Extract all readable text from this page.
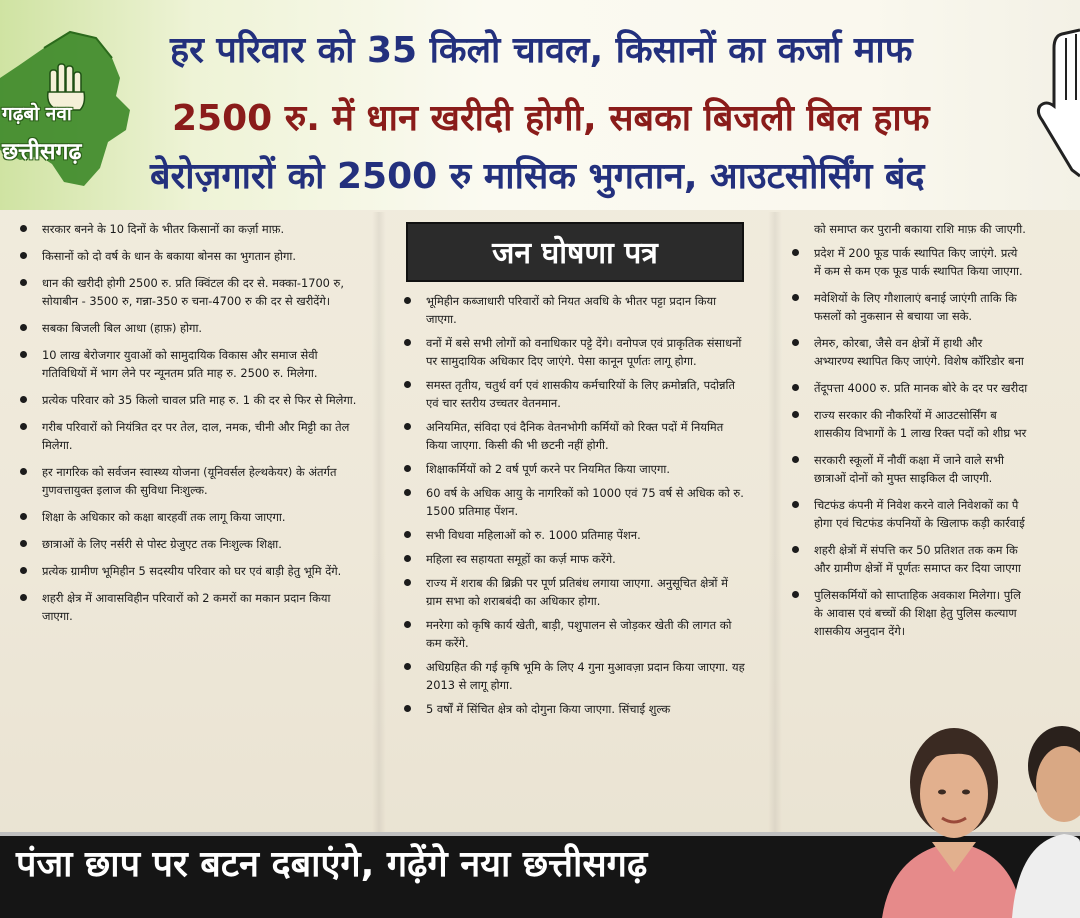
गढ़बो नवा
छत्तीसगढ़
हर परिवार को 35 किलो चावल, किसानों का कर्जा माफ
2500 रु. में धान खरीदी होगी, सबका बिजली बिल हाफ
बेरोज़गारों को 2500 रु मासिक भुगतान, आउटसोर्सिंग बंद
सरकार बनने के 10 दिनों के भीतर किसानों का कर्ज़ा माफ़.
किसानों को दो वर्ष के धान के बकाया बोनस का भुगतान होगा.
धान की खरीदी होगी 2500 रु. प्रति क्विंटल की दर से. मक्का-1700 रु, सोयाबीन - 3500 रु, गन्ना-350 रु चना-4700 रु की दर से खरीदेंगे।
सबका बिजली बिल आधा (हाफ़) होगा.
10 लाख बेरोजगार युवाओं को सामुदायिक विकास और समाज सेवी गतिविधियों में भाग लेने पर न्यूनतम प्रति माह रु. 2500 रु. मिलेगा.
प्रत्येक परिवार को 35 किलो चावल प्रति माह रु. 1 की दर से फिर से मिलेगा.
गरीब परिवारों को नियंत्रित दर पर तेल, दाल, नमक, चीनी और मिट्टी का तेल मिलेगा.
हर नागरिक को सर्वजन स्वास्थ्य योजना (यूनिवर्सल हेल्थकेयर) के अंतर्गत गुणवत्तायुक्त इलाज की सुविधा निःशुल्क.
शिक्षा के अधिकार को कक्षा बारहवीं तक लागू किया जाएगा.
छात्राओं के लिए नर्सरी से पोस्ट ग्रेजुएट तक निःशुल्क शिक्षा.
प्रत्येक ग्रामीण भूमिहीन 5 सदस्यीय परिवार को घर एवं बाड़ी हेतु भूमि देंगे.
शहरी क्षेत्र में आवासविहीन परिवारों को 2 कमरों का मकान प्रदान किया जाएगा.
जन घोषणा पत्र
भूमिहीन कब्जाधारी परिवारों को नियत अवधि के भीतर पट्टा प्रदान किया जाएगा.
वनों में बसे सभी लोगों को वनाधिकार पट्टे देंगे। वनोपज एवं प्राकृतिक संसाधनों पर सामुदायिक अधिकार दिए जाएंगे. पेसा कानून पूर्णतः लागू होगा.
समस्त तृतीय, चतुर्थ वर्ग एवं शासकीय कर्मचारियों के लिए क्रमोन्नति, पदोन्नति एवं चार स्तरीय उच्चतर वेतनमान.
अनियमित, संविदा एवं दैनिक वेतनभोगी कर्मियों को रिक्त पदों में नियमित किया जाएगा. किसी की भी छटनी नहीं होगी.
शिक्षाकर्मियों को 2 वर्ष पूर्ण करने पर नियमित किया जाएगा.
60 वर्ष के अधिक आयु के नागरिकों को 1000 एवं 75 वर्ष से अधिक को रु. 1500 प्रतिमाह पेंशन.
सभी विधवा महिलाओं को रु. 1000 प्रतिमाह पेंशन.
महिला स्व सहायता समूहों का कर्ज़ माफ करेंगे.
राज्य में शराब की ब्रिक्री पर पूर्ण प्रतिबंध लगाया जाएगा. अनुसूचित क्षेत्रों में ग्राम सभा को शराबबंदी का अधिकार होगा.
मनरेगा को कृषि कार्य खेती, बाड़ी, पशुपालन से जोड़कर खेती की लागत को कम करेंगे.
अधिग्रहित की गई कृषि भूमि के लिए 4 गुना मुआवज़ा प्रदान किया जाएगा. यह 2013 से लागू होगा.
5 वर्षों में सिंचित क्षेत्र को दोगुना किया जाएगा. सिंचाई शुल्क
को समाप्त कर पुरानी बकाया राशि माफ़ की जाएगी.
प्रदेश में 200 फूड पार्क स्थापित किए जाएंगे. प्रत्ये
में कम से कम एक फूड पार्क स्थापित किया जाएगा.
मवेशियों के लिए गौशालाएं बनाई जाएंगी ताकि कि
फसलों को नुकसान से बचाया जा सके.
लेमरु, कोरबा, जैसे वन क्षेत्रों में हाथी और
अभ्यारण्य स्थापित किए जाएंगे. विशेष कॉरिडोर बना
तेंदूपत्ता 4000 रु. प्रति मानक बोरे के दर पर खरीदा
राज्य सरकार की नौकरियों में आउटसोर्सिंग ब
शासकीय विभागों के 1 लाख रिक्त पदों को शीघ्र भर
सरकारी स्कूलों में नौवीं कक्षा में जाने वाले सभी
छात्राओं दोनों को मुफ्त साइकिल दी जाएगी.
चिटफंड कंपनी में निवेश करने वाले निवेशकों का पै
होगा एवं चिटफंड कंपनियों के खिलाफ कड़ी कार्रवाई
शहरी क्षेत्रों में संपत्ति कर 50 प्रतिशत तक कम कि
और ग्रामीण क्षेत्रों में पूर्णतः समाप्त कर दिया जाएगा
पुलिसकर्मियों को साप्ताहिक अवकाश मिलेगा। पुलि
के आवास एवं बच्चों की शिक्षा हेतु पुलिस कल्याण
शासकीय अनुदान देंगे।
पंजा छाप पर बटन दबाएंगे, गढ़ेंगे नया छत्तीसगढ़
